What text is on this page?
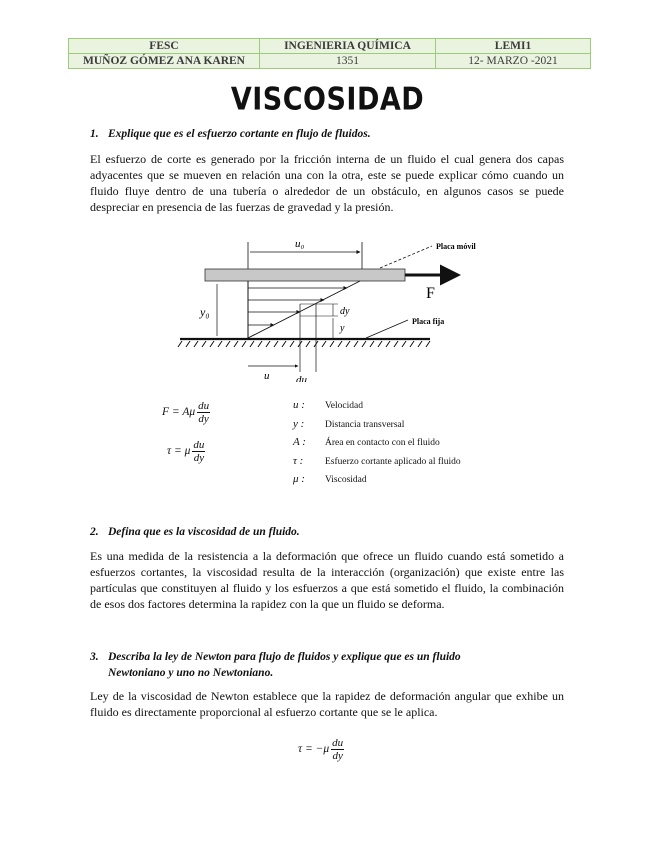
FESC	INGENIERIA QUÍMICA	LEMI1
MUÑOZ GÓMEZ ANA KAREN	1351	12- MARZO -2021
VISCOSIDAD
1. Explique que es el esfuerzo cortante en flujo de fluidos.
El esfuerzo de corte es generado por la fricción interna de un fluido el cual genera dos capas adyacentes que se mueven en relación una con la otra, este se puede explicar cómo cuando un fluido fluye dentro de una tubería o alrededor de un obstáculo, en algunos casos se puede despreciar en presencia de las fuerzas de gravedad y la presión.
u₀
F
Placa móvil
y₀	dy
y
Placa fija
u du
F = Aμ $\frac{du}{dy}$
τ = μ $\frac{du}{dy}$
u : Velocidad
y : Distancia transversal
A : Área en contacto con el fluido
τ : Esfuerzo cortante aplicado al fluido
μ : Viscosidad
2. Defina que es la viscosidad de un fluido.
Es una medida de la resistencia a la deformación que ofrece un fluido cuando está sometido a esfuerzos cortantes, la viscosidad resulta de la interacción (organización) que existe entre las partículas que constituyen al fluido y los esfuerzos a que está sometido el fluido, la combinación de esos dos factores determina la rapidez con la que un fluido se deforma.
3. Describa la ley de Newton para flujo de fluidos y explique que es un fluido
Newtoniano y uno no Newtoniano.
Ley de la viscosidad de Newton establece que la rapidez de deformación angular que exhibe un fluido es directamente proporcional al esfuerzo cortante que se le aplica.
$\tau = -\mu \frac{du}{dy}$
